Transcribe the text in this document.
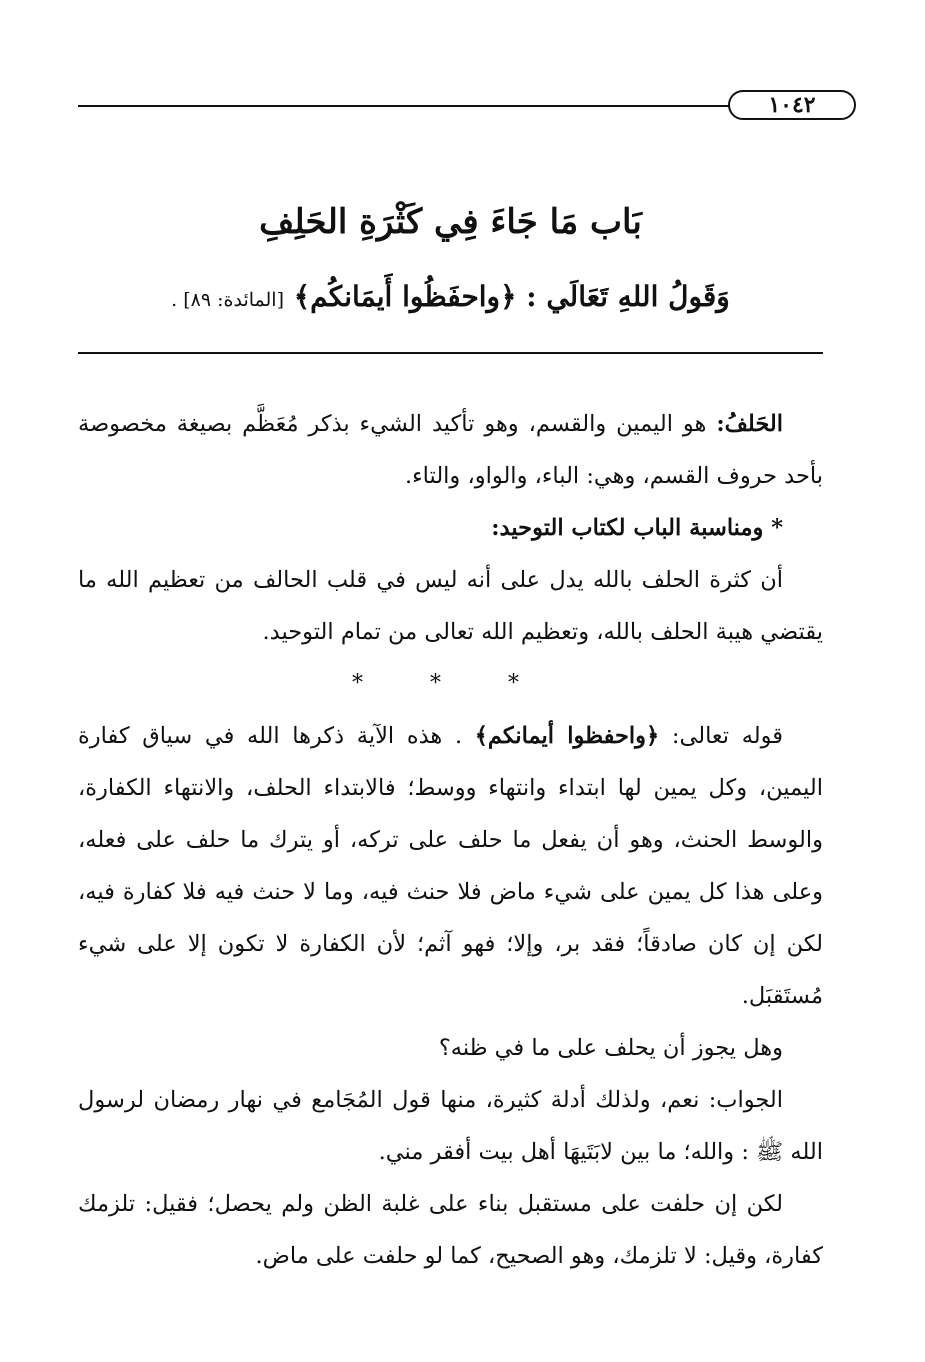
١٠٤٢
بَاب مَا جَاءَ فِي كَثْرَةِ الحَلِفِ
وَقَولُ اللهِ تَعَالَي : ﴿واحفَظُوا أَيمَانكُم﴾ [المائدة: ٨٩] .

الحَلفُ: هو اليمين والقسم، وهو تأكيد الشيء بذكر مُعَظَّم بصيغة مخصوصة بأحد حروف القسم، وهي: الباء، والواو، والتاء.

* ومناسبة الباب لكتاب التوحيد:

أن كثرة الحلف بالله يدل على أنه ليس في قلب الحالف من تعظيم الله ما يقتضي هيبة الحلف بالله، وتعظيم الله تعالى من تمام التوحيد.

* * *

قوله تعالى: ﴿واحفظوا أيمانكم﴾ . هذه الآية ذكرها الله في سياق كفارة اليمين، وكل يمين لها ابتداء وانتهاء ووسط؛ فالابتداء الحلف، والانتهاء الكفارة، والوسط الحنث، وهو أن يفعل ما حلف على تركه، أو يترك ما حلف على فعله، وعلى هذا كل يمين على شيء ماض فلا حنث فيه، وما لا حنث فيه فلا كفارة فيه، لكن إن كان صادقاً؛ فقد بر، وإلا؛ فهو آثم؛ لأن الكفارة لا تكون إلا على شيء مُستَقبَل.

وهل يجوز أن يحلف على ما في ظنه؟

الجواب: نعم، ولذلك أدلة كثيرة، منها قول المُجَامع في نهار رمضان لرسول الله ﷺ : والله؛ ما بين لابَتَيهَا أهل بيت أفقر مني.

لكن إن حلفت على مستقبل بناء على غلبة الظن ولم يحصل؛ فقيل: تلزمك كفارة، وقيل: لا تلزمك، وهو الصحيح، كما لو حلفت على ماض.
